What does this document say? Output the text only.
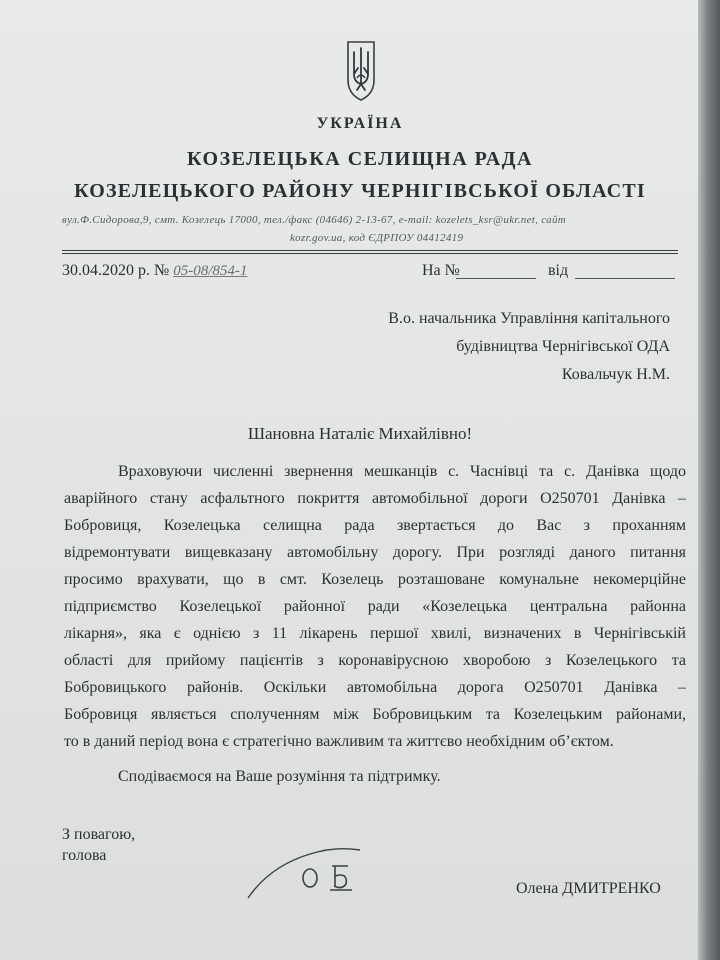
УКРАЇНА
КОЗЕЛЕЦЬКА СЕЛИЩНА РАДА
КОЗЕЛЕЦЬКОГО РАЙОНУ ЧЕРНІГІВСЬКОЇ ОБЛАСТІ
вул.Ф.Сидорова,9, смт. Козелець 17000, тел./факс (04646) 2-13-67, e-mail: kozelets_ksr@ukr.net, сайт
kozr.gov.ua, код ЄДРПОУ 04412419
30.04.2020 р. № 05-08/854-1	На №	від
В.о. начальника Управління капітального
будівництва Чернігівської ОДА
Ковальчук Н.М.
Шановна Наталіє Михайлівно!
Враховуючи численні звернення мешканців с. Часнівці та с. Данівка щодо
аварійного стану асфальтного покриття автомобільної дороги О250701 Данівка –
Бобровиця, Козелецька селищна рада звертається до Вас з проханням
відремонтувати вищевказану автомобільну дорогу. При розгляді даного питання
просимо врахувати, що в смт. Козелець розташоване комунальне некомерційне
підприємство Козелецької районної ради «Козелецька центральна районна
лікарня», яка є однією з 11 лікарень першої хвилі, визначених в Чернігівській
області для прийому пацієнтів з коронавірусною хворобою з Козелецького та
Бобровицького районів. Оскільки автомобільна дорога О250701 Данівка –
Бобровиця являється сполученням між Бобровицьким та Козелецьким районами,
то в даний період вона є стратегічно важливим та життєво необхідним об’єктом.
Сподіваємося на Ваше розуміння та підтримку.
З повагою,
голова
Олена ДМИТРЕНКО
